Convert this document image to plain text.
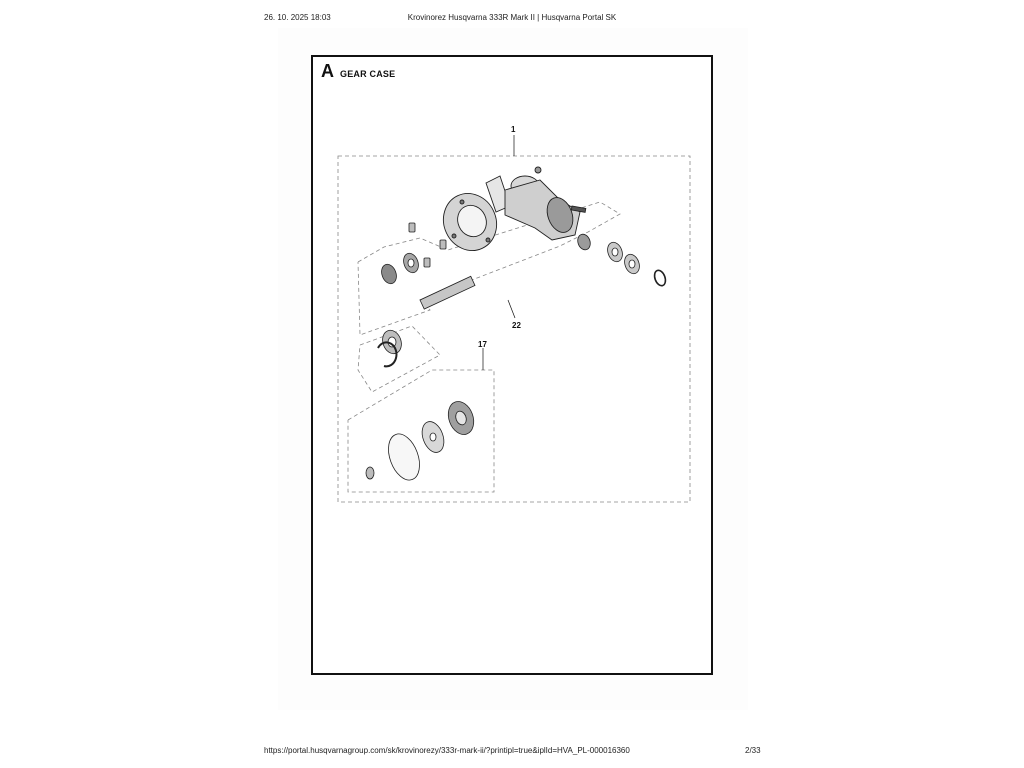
26. 10. 2025 18:03	Krovinorez Husqvarna 333R Mark II | Husqvarna Portal SK
A GEAR CASE
1
22
17
https://portal.husqvarnagroup.com/sk/krovinorezy/333r-mark-ii/?printipl=true&iplId=HVA_PL-000016360	2/33
